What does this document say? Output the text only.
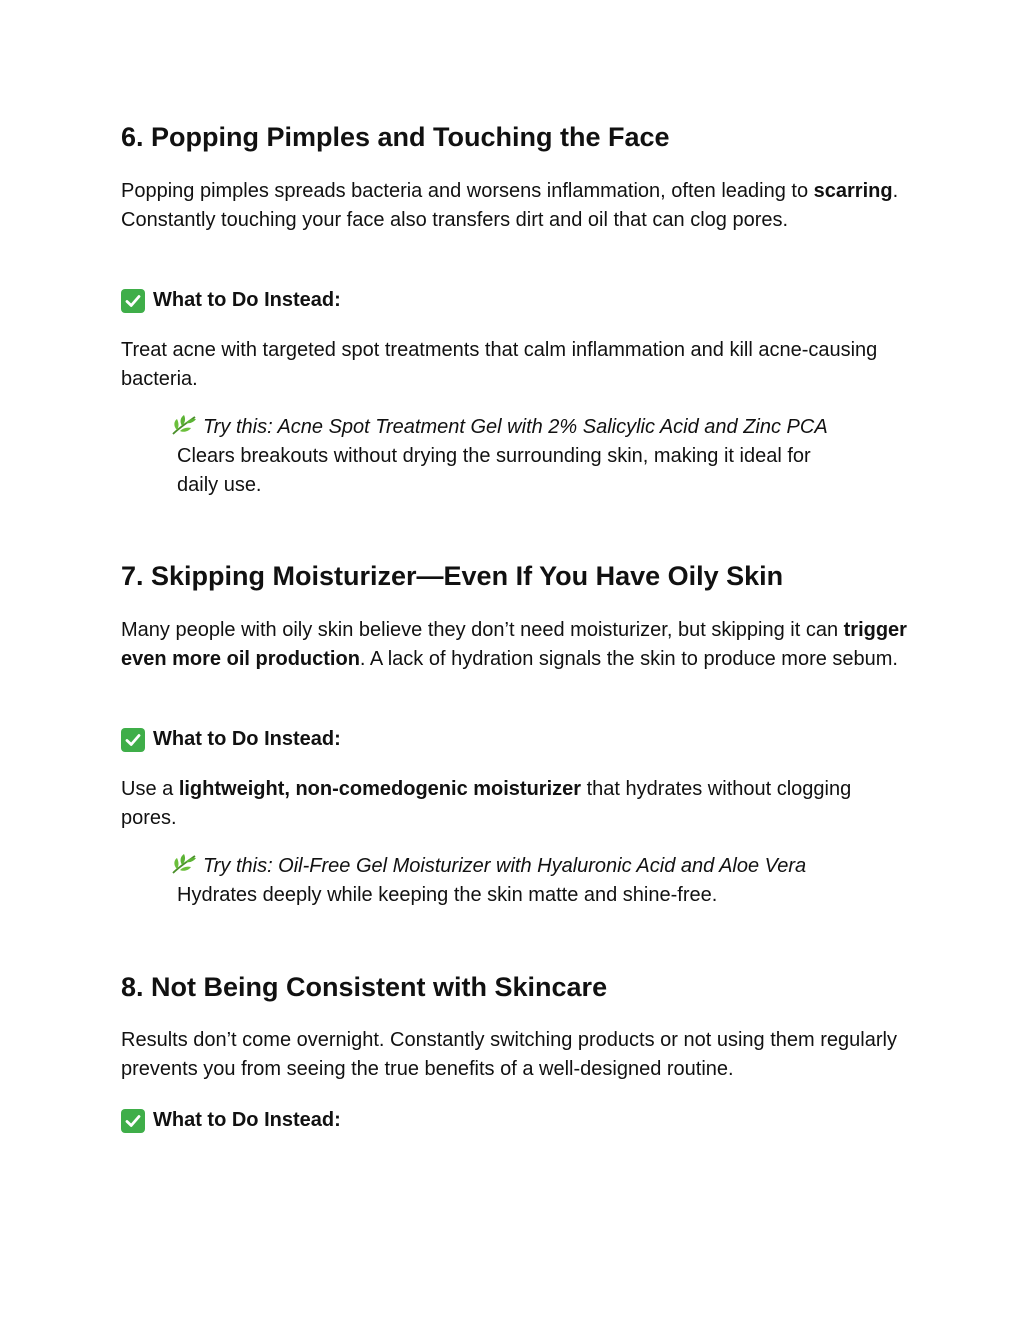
6. Popping Pimples and Touching the Face

Popping pimples spreads bacteria and worsens inflammation, often leading to scarring. Constantly touching your face also transfers dirt and oil that can clog pores.

What to Do Instead:

Treat acne with targeted spot treatments that calm inflammation and kill acne-causing bacteria.

Try this: Acne Spot Treatment Gel with 2% Salicylic Acid and Zinc PCA
Clears breakouts without drying the surrounding skin, making it ideal for daily use.
7. Skipping Moisturizer—Even If You Have Oily Skin

Many people with oily skin believe they don’t need moisturizer, but skipping it can trigger even more oil production. A lack of hydration signals the skin to produce more sebum.

What to Do Instead:

Use a lightweight, non-comedogenic moisturizer that hydrates without clogging pores.

Try this: Oil-Free Gel Moisturizer with Hyaluronic Acid and Aloe Vera
Hydrates deeply while keeping the skin matte and shine-free.
8. Not Being Consistent with Skincare

Results don’t come overnight. Constantly switching products or not using them regularly prevents you from seeing the true benefits of a well-designed routine.

What to Do Instead:
